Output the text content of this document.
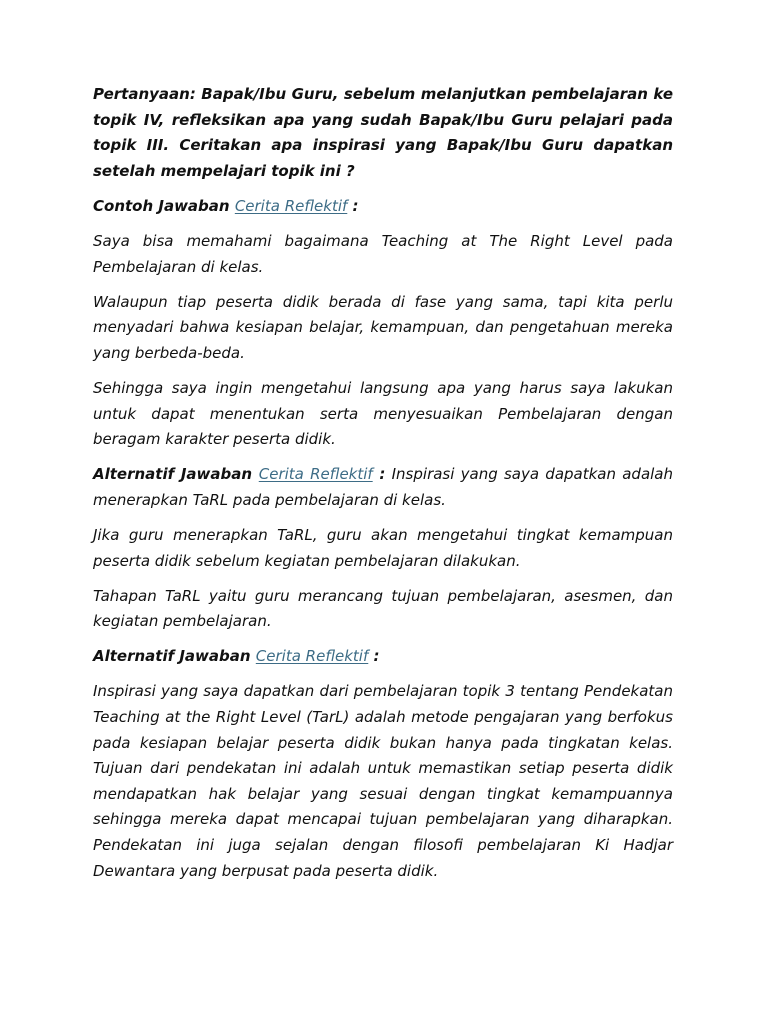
Pertanyaan: Bapak/Ibu Guru, sebelum melanjutkan pembelajaran ke topik IV, refleksikan apa yang sudah Bapak/Ibu Guru pelajari pada topik III. Ceritakan apa inspirasi yang Bapak/Ibu Guru dapatkan setelah mempelajari topik ini ?

Contoh Jawaban Cerita Reflektif :

Saya bisa memahami bagaimana Teaching at The Right Level pada Pembelajaran di kelas.

Walaupun tiap peserta didik berada di fase yang sama, tapi kita perlu menyadari bahwa kesiapan belajar, kemampuan, dan pengetahuan mereka yang berbeda-beda.

Sehingga saya ingin mengetahui langsung apa yang harus saya lakukan untuk dapat menentukan serta menyesuaikan Pembelajaran dengan beragam karakter peserta didik.

Alternatif Jawaban Cerita Reflektif : Inspirasi yang saya dapatkan adalah menerapkan TaRL pada pembelajaran di kelas.

Jika guru menerapkan TaRL, guru akan mengetahui tingkat kemampuan peserta didik sebelum kegiatan pembelajaran dilakukan.

Tahapan TaRL yaitu guru merancang tujuan pembelajaran, asesmen, dan kegiatan pembelajaran.

Alternatif Jawaban Cerita Reflektif :

Inspirasi yang saya dapatkan dari pembelajaran topik 3 tentang Pendekatan Teaching at the Right Level (TarL) adalah metode pengajaran yang berfokus pada kesiapan belajar peserta didik bukan hanya pada tingkatan kelas. Tujuan dari pendekatan ini adalah untuk memastikan setiap peserta didik mendapatkan hak belajar yang sesuai dengan tingkat kemampuannya sehingga mereka dapat mencapai tujuan pembelajaran yang diharapkan. Pendekatan ini juga sejalan dengan filosofi pembelajaran Ki Hadjar Dewantara yang berpusat pada peserta didik.
